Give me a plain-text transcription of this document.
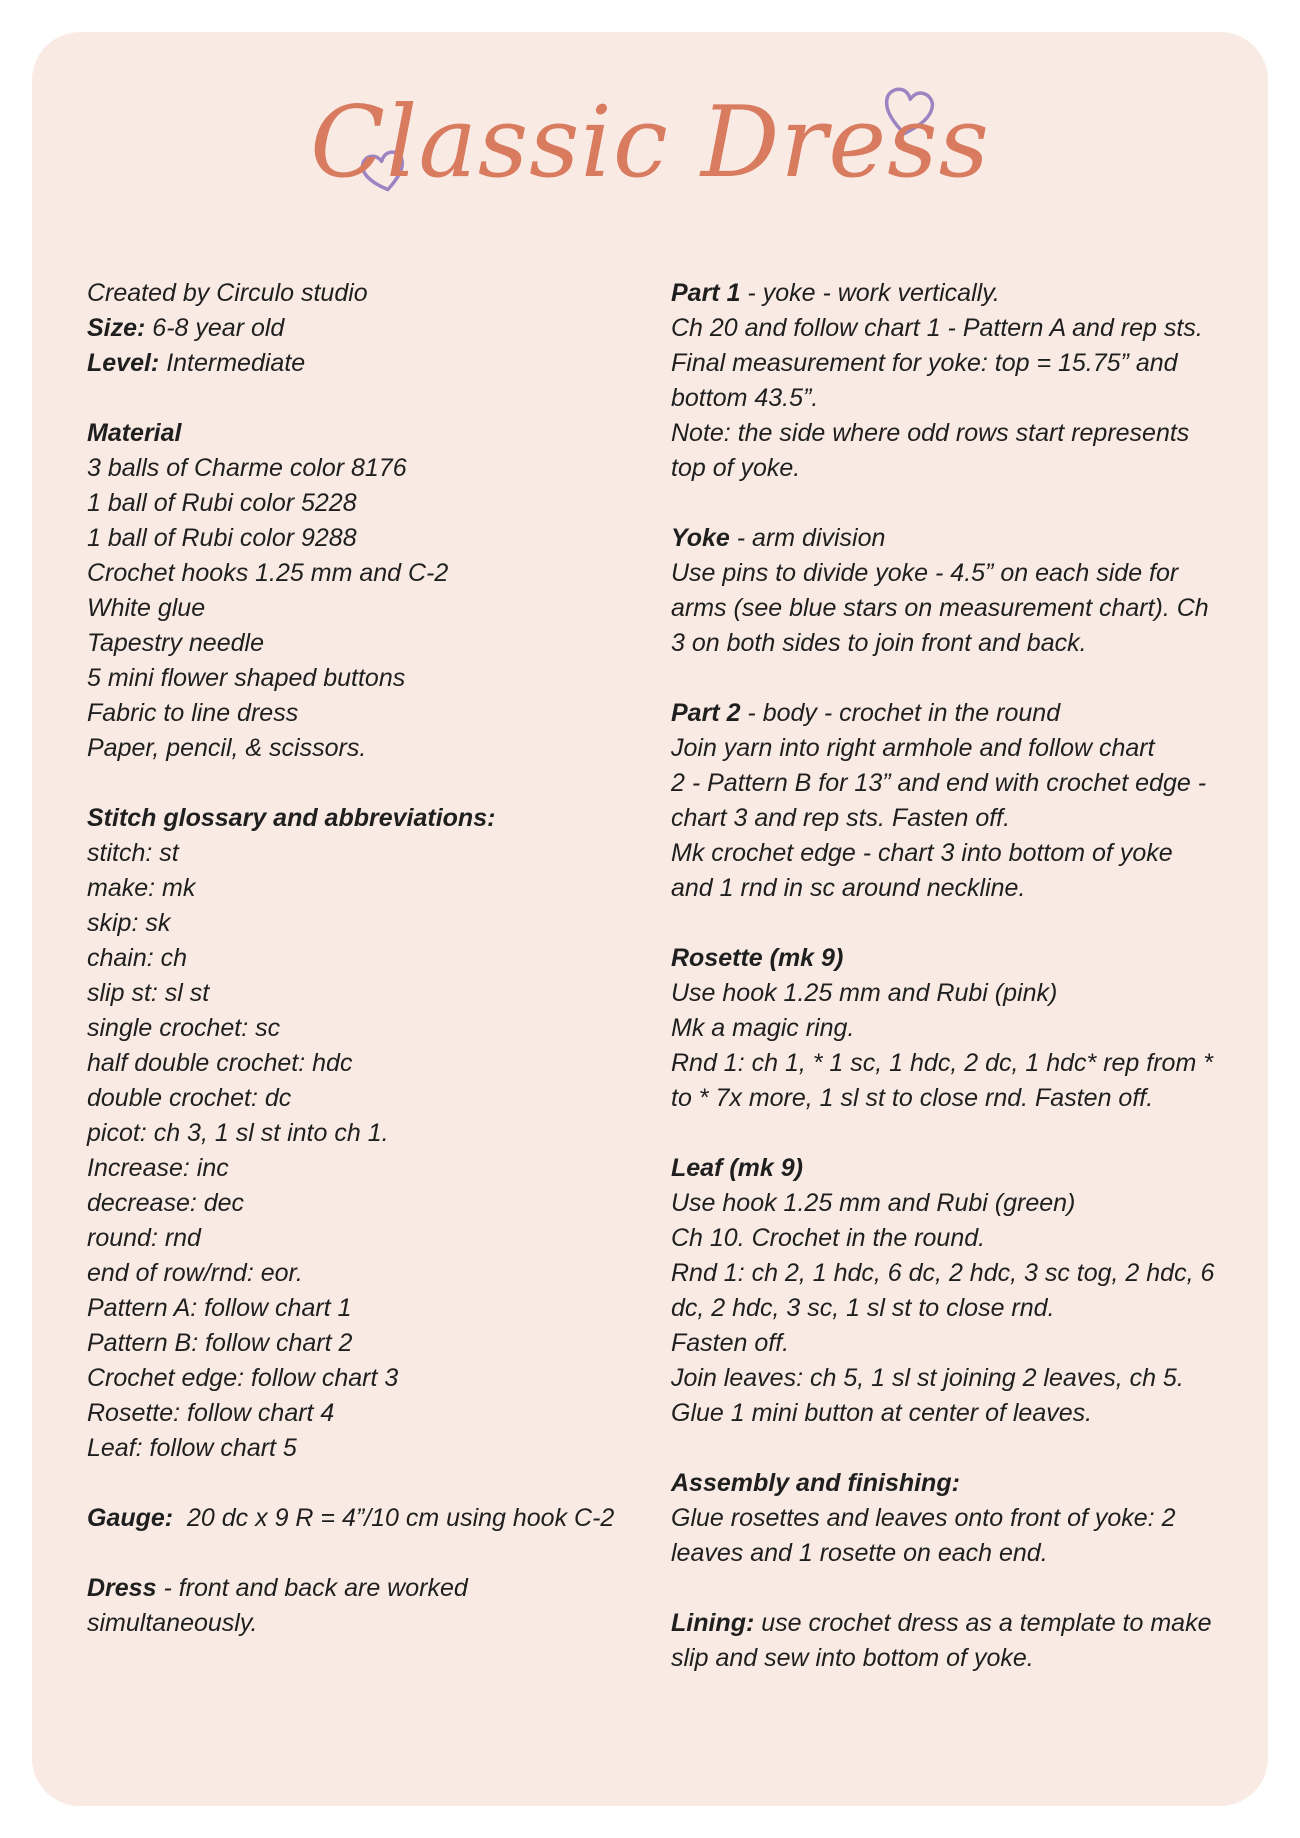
Classic Dress
Created by Circulo studio
Size: 6-8 year old
Level: Intermediate
Material
3 balls of Charme color 8176
1 ball of Rubi color 5228
1 ball of Rubi color 9288
Crochet hooks 1.25 mm and C-2
White glue
Tapestry needle
5 mini flower shaped buttons
Fabric to line dress
Paper, pencil, & scissors.
Stitch glossary and abbreviations:
stitch: st
make: mk
skip: sk
chain: ch
slip st: sl st
single crochet: sc
half double crochet: hdc
double crochet: dc
picot: ch 3, 1 sl st into ch 1.
Increase: inc
decrease: dec
round: rnd
end of row/rnd: eor.
Pattern A: follow chart 1
Pattern B: follow chart 2
Crochet edge: follow chart 3
Rosette: follow chart 4
Leaf: follow chart 5
Gauge:  20 dc x 9 R = 4”/10 cm using hook C-2
Dress - front and back are worked
simultaneously.
Part 1 - yoke - work vertically.
Ch 20 and follow chart 1 - Pattern A and rep sts.
Final measurement for yoke: top = 15.75” and
bottom 43.5”.
Note: the side where odd rows start represents
top of yoke.
Yoke - arm division
Use pins to divide yoke - 4.5” on each side for
arms (see blue stars on measurement chart). Ch
3 on both sides to join front and back.
Part 2 - body - crochet in the round
Join yarn into right armhole and follow chart
2 - Pattern B for 13” and end with crochet edge -
chart 3 and rep sts. Fasten off.
Mk crochet edge - chart 3 into bottom of yoke
and 1 rnd in sc around neckline.
Rosette (mk 9)
Use hook 1.25 mm and Rubi (pink)
Mk a magic ring.
Rnd 1: ch 1, * 1 sc, 1 hdc, 2 dc, 1 hdc* rep from *
to * 7x more, 1 sl st to close rnd. Fasten off.
Leaf (mk 9)
Use hook 1.25 mm and Rubi (green)
Ch 10. Crochet in the round.
Rnd 1: ch 2, 1 hdc, 6 dc, 2 hdc, 3 sc tog, 2 hdc, 6
dc, 2 hdc, 3 sc, 1 sl st to close rnd.
Fasten off.
Join leaves: ch 5, 1 sl st joining 2 leaves, ch 5.
Glue 1 mini button at center of leaves.
Assembly and finishing:
Glue rosettes and leaves onto front of yoke: 2
leaves and 1 rosette on each end.
Lining: use crochet dress as a template to make
slip and sew into bottom of yoke.
